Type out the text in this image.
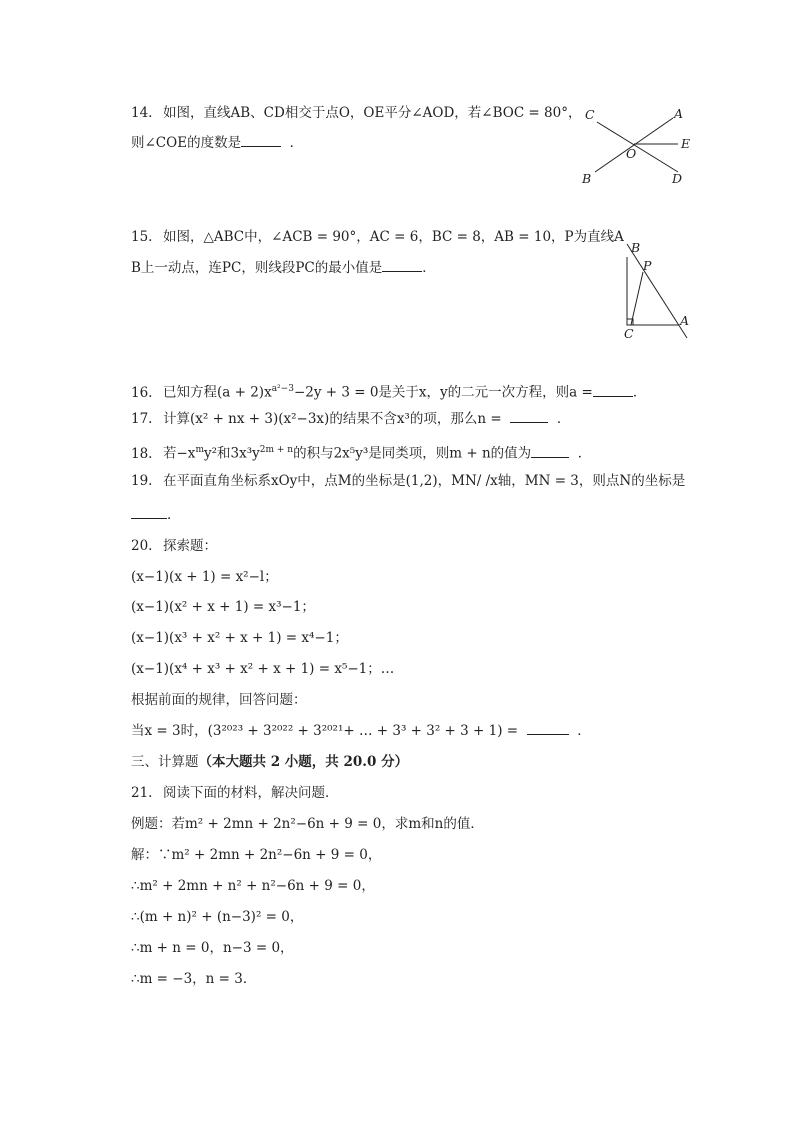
14. 如图，直线AB、CD相交于点O，OE平分∠AOD，若∠BOC = 80°，
则∠COE的度数是	．
C	A
E
O
B	D
15. 如图，△ABC中，∠ACB = 90°，AC = 6，BC = 8，AB = 10，P为直线A
B上一动点，连PC，则线段PC的最小值是	．
B
P
A
C
16. 已知方程$(a + 2)x^{a^2-3}-2y + 3 = 0$是关于x，y的二元一次方程，则a =	．
17. 计算(x² + nx + 3)(x²−3x)的结果不含x³的项，那么n =	．
18. 若$-x^my^2$和$3x^3y^{2m + n}$的积与2x⁵y³是同类项，则m + n的值为	．
19. 在平面直角坐标系xOy中，点M的坐标是(1,2)，MN/ /x轴，MN = 3，则点N的坐标是
．
20. 探索题：
(x−1)(x + 1) = x²−l；
(x−1)(x² + x + 1) = x³−1；
(x−1)(x³ + x² + x + 1) = x⁴−1；
(x−1)(x⁴ + x³ + x² + x + 1) = x⁵−1；…
根据前面的规律，回答问题：
当x = 3时，(3²⁰²³ + 3²⁰²² + 3²⁰²¹+ … + 3³ + 3² + 3 + 1) =	．
三、计算题（本大题共 2 小题，共 20.0 分）
21. 阅读下面的材料，解决问题．
例题：若m² + 2mn + 2n²−6n + 9 = 0，求m和n的值．
解：∵m² + 2mn + 2n²−6n + 9 = 0，
∴m² + 2mn + n² + n²−6n + 9 = 0，
∴(m + n)² + (n−3)² = 0，
∴m + n = 0，n−3 = 0，
∴m = −3，n = 3．
